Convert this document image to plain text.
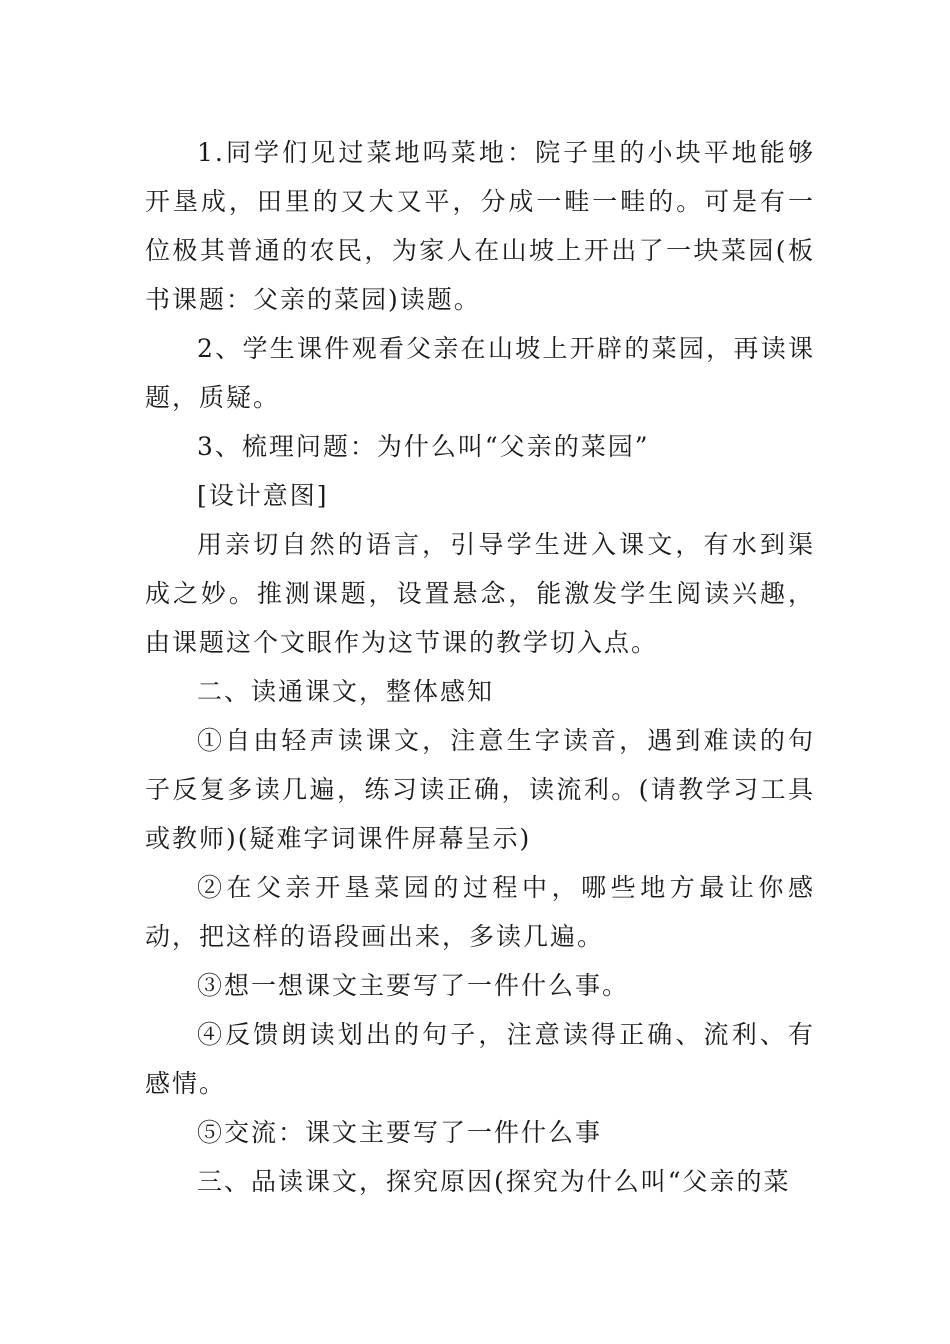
1.同学们见过菜地吗菜地：院子里的小块平地能够开垦成，田里的又大又平，分成一畦一畦的。可是有一位极其普通的农民，为家人在山坡上开出了一块菜园(板书课题：父亲的菜园)读题。

2、学生课件观看父亲在山坡上开辟的菜园，再读课题，质疑。

3、梳理问题：为什么叫“父亲的菜园”

[设计意图]

用亲切自然的语言，引导学生进入课文，有水到渠成之妙。推测课题，设置悬念，能激发学生阅读兴趣，由课题这个文眼作为这节课的教学切入点。

二、读通课文，整体感知

①自由轻声读课文，注意生字读音，遇到难读的句子反复多读几遍，练习读正确，读流利。(请教学习工具或教师)(疑难字词课件屏幕呈示)

②在父亲开垦菜园的过程中，哪些地方最让你感动，把这样的语段画出来，多读几遍。

③想一想课文主要写了一件什么事。

④反馈朗读划出的句子，注意读得正确、流利、有感情。

⑤交流：课文主要写了一件什么事

三、品读课文，探究原因(探究为什么叫“父亲的菜
